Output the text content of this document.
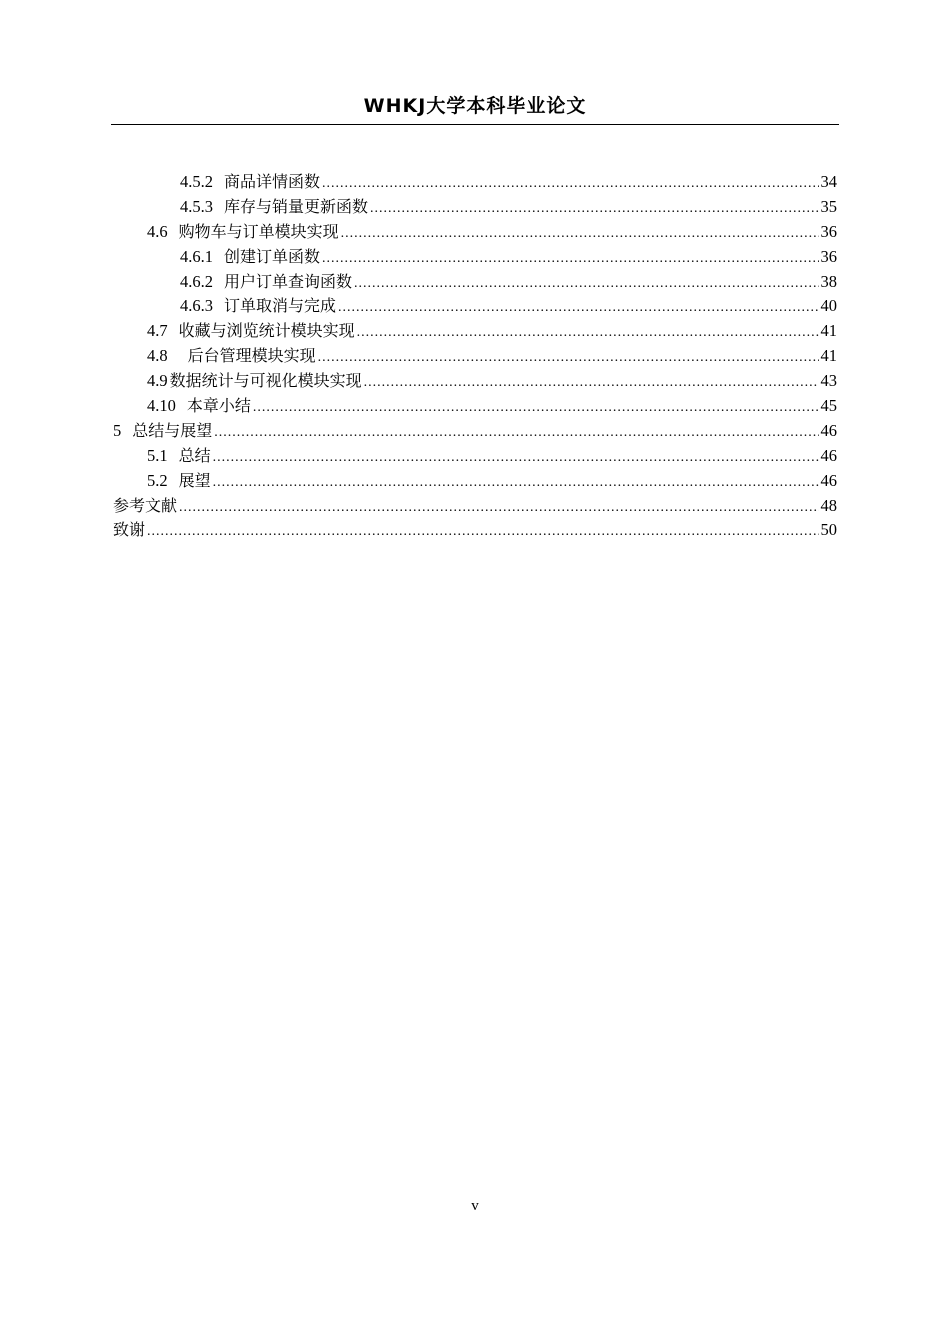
WHKJ大学本科毕业论文
4.5.2 商品详情函数 .....	34
4.5.3 库存与销量更新函数 .....	35
4.6 购物车与订单模块实现 .....	36
4.6.1 创建订单函数 .....	36
4.6.2 用户订单查询函数 .....	38
4.6.3 订单取消与完成 .....	40
4.7 收藏与浏览统计模块实现 .....	41
4.8 后台管理模块实现 .....	41
4.9 数据统计与可视化模块实现 .....	43
4.10 本章小结 .....	45
5 总结与展望 .....	46
5.1 总结 .....	46
5.2 展望 .....	46
参考文献 .....	48
致谢 .....	50
v
